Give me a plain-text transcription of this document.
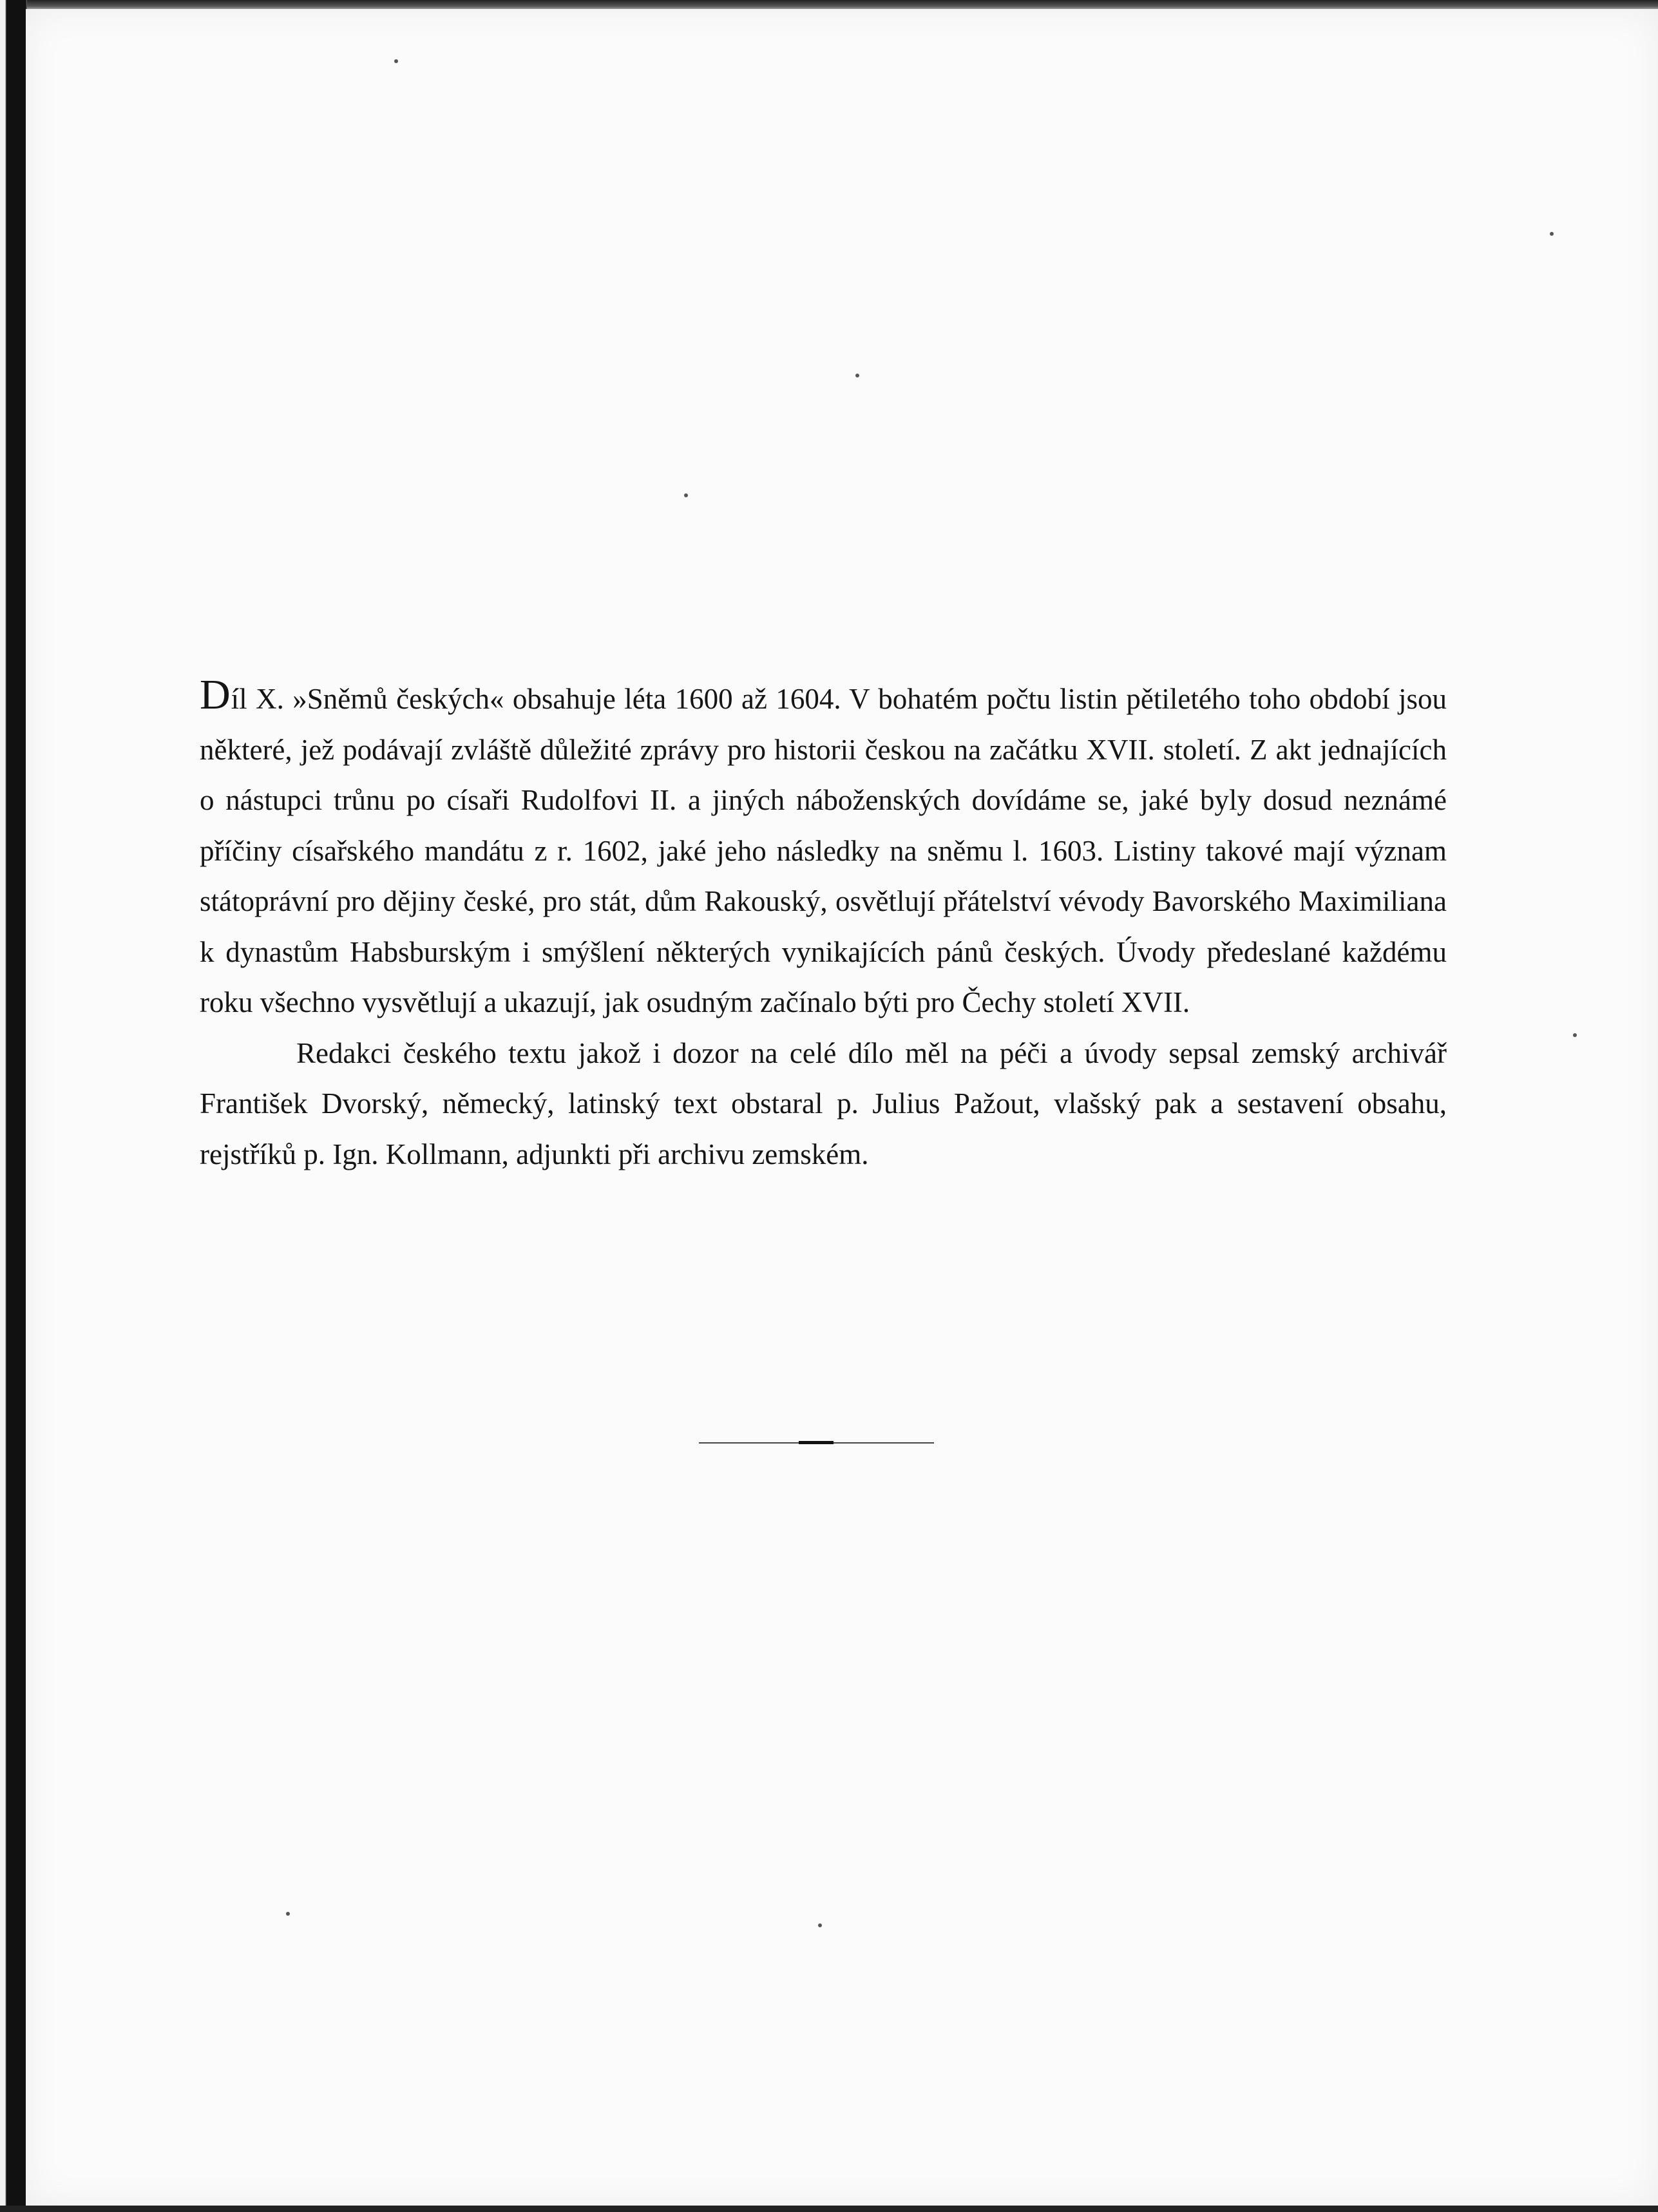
Díl X. »Sněmů českých« obsahuje léta 1600 až 1604. V bohatém počtu listin pětiletého toho období jsou některé, jež podávají zvláště důležité zprávy pro historii českou na začátku XVII. století. Z akt jednajících o nástupci trůnu po císaři Rudolfovi II. a jiných náboženských dovídáme se, jaké byly dosud neznámé příčiny císařského mandátu z r. 1602, jaké jeho následky na sněmu l. 1603. Listiny takové mají význam státoprávní pro dějiny české, pro stát, dům Rakouský, osvětlují přátelství vévody Bavorského Maximiliana k dynastům Habsburským i smýšlení některých vynikajících pánů českých. Úvody předeslané každému roku všechno vysvětlují a ukazují, jak osudným začínalo býti pro Čechy století XVII.

Redakci českého textu jakož i dozor na celé dílo měl na péči a úvody sepsal zemský archivář František Dvorský, německý, latinský text obstaral p. Julius Pažout, vlašský pak a sestavení obsahu, rejstříků p. Ign. Kollmann, adjunkti při archivu zemském.
